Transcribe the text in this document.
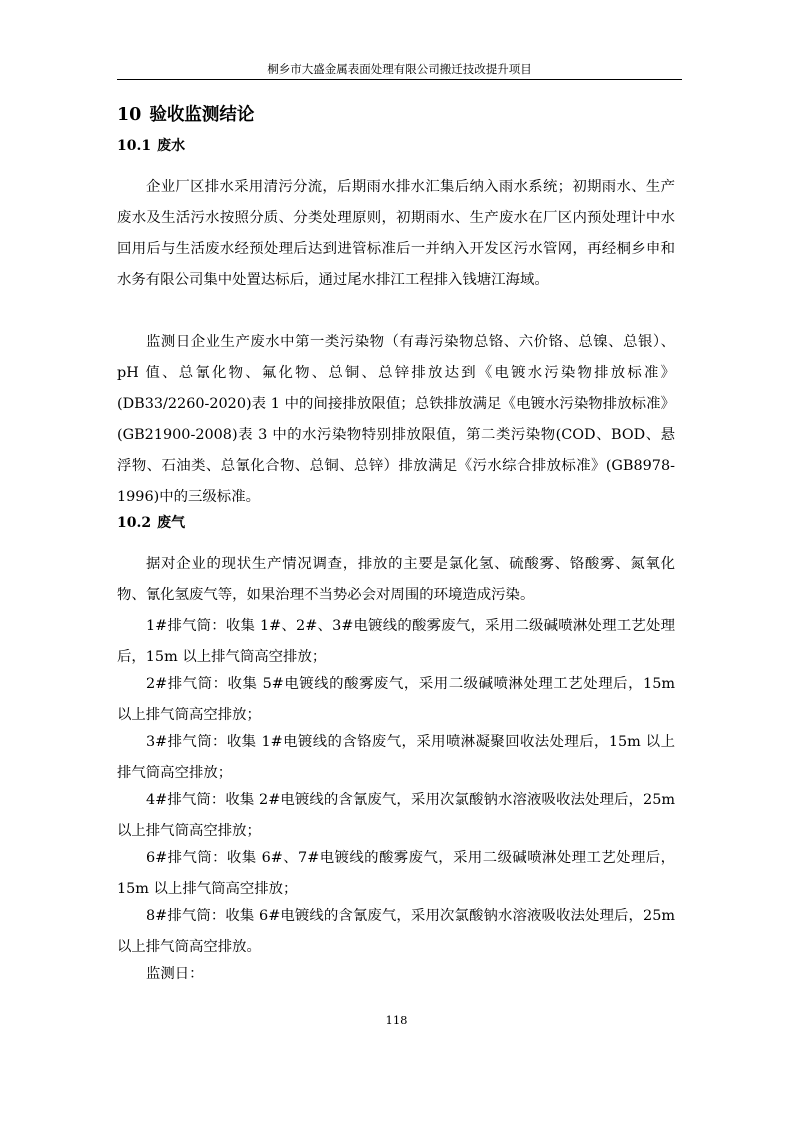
桐乡市大盛金属表面处理有限公司搬迁技改提升项目
10 验收监测结论
10.1 废水

企业厂区排水采用清污分流，后期雨水排水汇集后纳入雨水系统；初期雨水、生产废水及生活污水按照分质、分类处理原则，初期雨水、生产废水在厂区内预处理计中水回用后与生活废水经预处理后达到进管标准后一并纳入开发区污水管网，再经桐乡申和水务有限公司集中处置达标后，通过尾水排江工程排入钱塘江海域。

监测日企业生产废水中第一类污染物（有毒污染物总铬、六价铬、总镍、总银）、pH 值、总氰化物、氟化物、总铜、总锌排放达到《电镀水污染物排放标准》(DB33/2260-2020)表 1 中的间接排放限值；总铁排放满足《电镀水污染物排放标准》(GB21900-2008)表 3 中的水污染物特别排放限值，第二类污染物(COD、BOD、悬浮物、石油类、总氰化合物、总铜、总锌）排放满足《污水综合排放标准》(GB8978-1996)中的三级标准。

10.2 废气

据对企业的现状生产情况调查，排放的主要是氯化氢、硫酸雾、铬酸雾、氮氧化物、氰化氢废气等，如果治理不当势必会对周围的环境造成污染。

1#排气筒：收集 1#、2#、3#电镀线的酸雾废气，采用二级碱喷淋处理工艺处理后，15m 以上排气筒高空排放；

2#排气筒：收集 5#电镀线的酸雾废气，采用二级碱喷淋处理工艺处理后，15m 以上排气筒高空排放；

3#排气筒：收集 1#电镀线的含铬废气，采用喷淋凝聚回收法处理后，15m 以上排气筒高空排放；

4#排气筒：收集 2#电镀线的含氰废气，采用次氯酸钠水溶液吸收法处理后，25m 以上排气筒高空排放；

6#排气筒：收集 6#、7#电镀线的酸雾废气，采用二级碱喷淋处理工艺处理后，15m 以上排气筒高空排放；

8#排气筒：收集 6#电镀线的含氰废气，采用次氯酸钠水溶液吸收法处理后，25m 以上排气筒高空排放。

监测日：

118
